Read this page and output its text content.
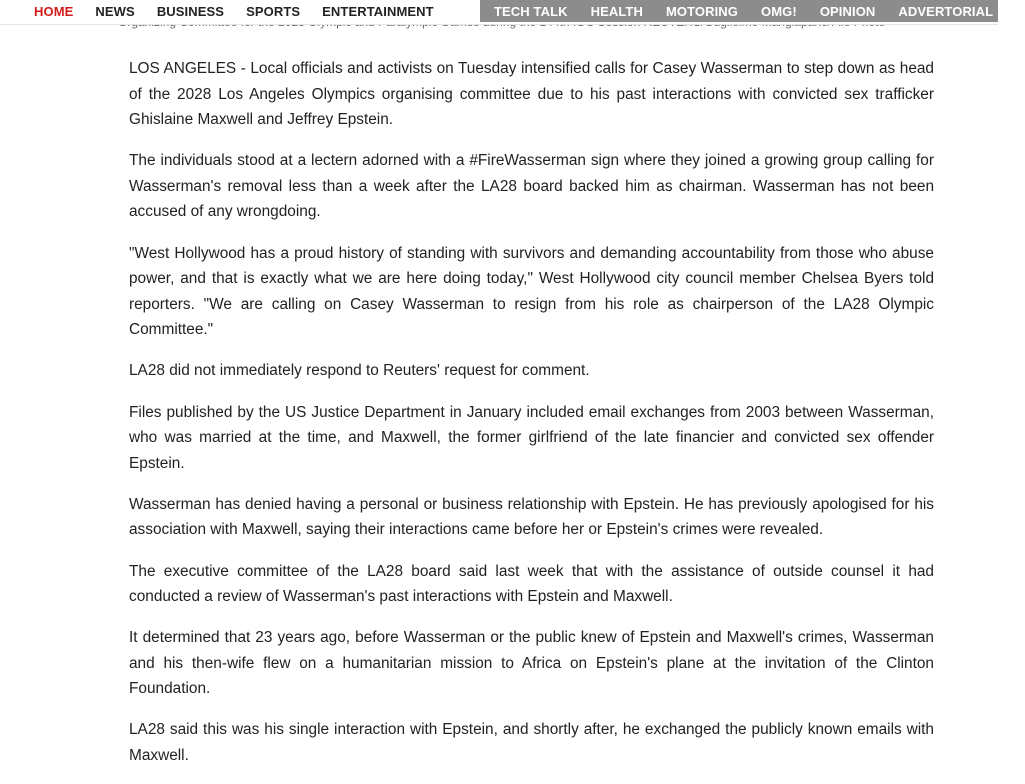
HOME NEWS BUSINESS SPORTS ENTERTAINMENT	TECH TALK HEALTH MOTORING OMG! OPINION ADVERTORIAL E

LOS ANGELES - Local officials and activists on Tuesday intensified calls for Casey Wasserman to step down as head of the 2028 Los Angeles Olympics organising committee due to his past interactions with convicted sex trafficker Ghislaine Maxwell and Jeffrey Epstein.

The individuals stood at a lectern adorned with a #FireWasserman sign where they joined a growing group calling for Wasserman's removal less than a week after the LA28 board backed him as chairman. Wasserman has not been accused of any wrongdoing.

"West Hollywood has a proud history of standing with survivors and demanding accountability from those who abuse power, and that is exactly what we are here doing today," West Hollywood city council member Chelsea Byers told reporters. "We are calling on Casey Wasserman to resign from his role as chairperson of the LA28 Olympic Committee."

LA28 did not immediately respond to Reuters' request for comment.

Files published by the US Justice Department in January included email exchanges from 2003 between Wasserman, who was married at the time, and Maxwell, the former girlfriend of the late financier and convicted sex offender Epstein.

Wasserman has denied having a personal or business relationship with Epstein. He has previously apologised for his association with Maxwell, saying their interactions came before her or Epstein's crimes were revealed.

The executive committee of the LA28 board said last week that with the assistance of outside counsel it had conducted a review of Wasserman's past interactions with Epstein and Maxwell.

It determined that 23 years ago, before Wasserman or the public knew of Epstein and Maxwell's crimes, Wasserman and his then-wife flew on a humanitarian mission to Africa on Epstein's plane at the invitation of the Clinton Foundation.

LA28 said this was his single interaction with Epstein, and shortly after, he exchanged the publicly known emails with Maxwell.
